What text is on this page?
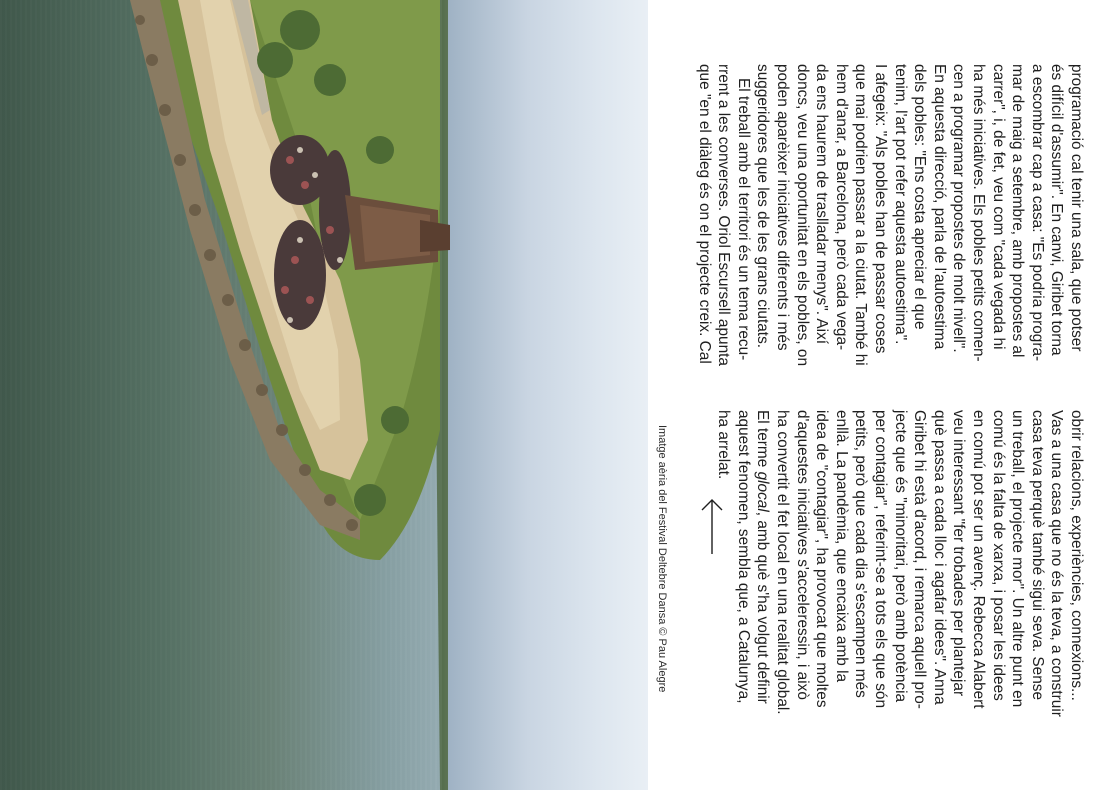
programació cal tenir una sala, que potser

és difícil d'assumir". En canvi, Giribet torna

a escombrar cap a casa: "Es podria progra-

mar de maig a setembre, amb propostes al

carrer", i, de fet, veu com "cada vegada hi

ha més iniciatives. Els pobles petits comen-

cen a programar propostes de molt nivell".

En aquesta direcció, parla de l'autoestima

dels pobles: "Ens costa apreciar el que

tenim, l'art pot refer aquesta autoestima".

I afegeix: "Als pobles han de passar coses

que mai podrien passar a la ciutat. També hi

hem d'anar, a Barcelona, però cada vega-

da ens haurem de traslladar menys". Així

doncs, veu una oportunitat en els pobles, on

poden aparèixer iniciatives diferents i més

suggeridores que les de les grans ciutats.

El treball amb el territori és un tema recu-

rrent a les converses. Oriol Escursell apunta

que "en el diàleg és on el projecte creix. Cal

obrir relacions, experiències, connexions...

Vas a una casa que no és la teva, a construir

casa teva perquè també sigui seva. Sense

un treball, el projecte mor". Un altre punt en

comú és la falta de xarxa, i posar les idees

en comú pot ser un avenç. Rebecca Alabert

veu interessant "fer trobades per plantejar

què passa a cada lloc i agafar idees". Anna

Giribet hi està d'acord, i remarca aquell pro-

jecte que és "minoritari, però amb potència

per contagiar", referint-se a tots els que són

petits, però que cada dia s'escampen més

enllà. La pandèmia, que encaixa amb la

idea de "contagiar", ha provocat que moltes

d'aquestes iniciatives s'acceleressin, i això

ha convertit el fet local en una realitat global.

El terme glocal, amb què s'ha volgut definir

aquest fenomen, sembla que, a Catalunya,

ha arrelat.

Imatge aèria del Festival Deltebre Dansa © Pau Alegre
